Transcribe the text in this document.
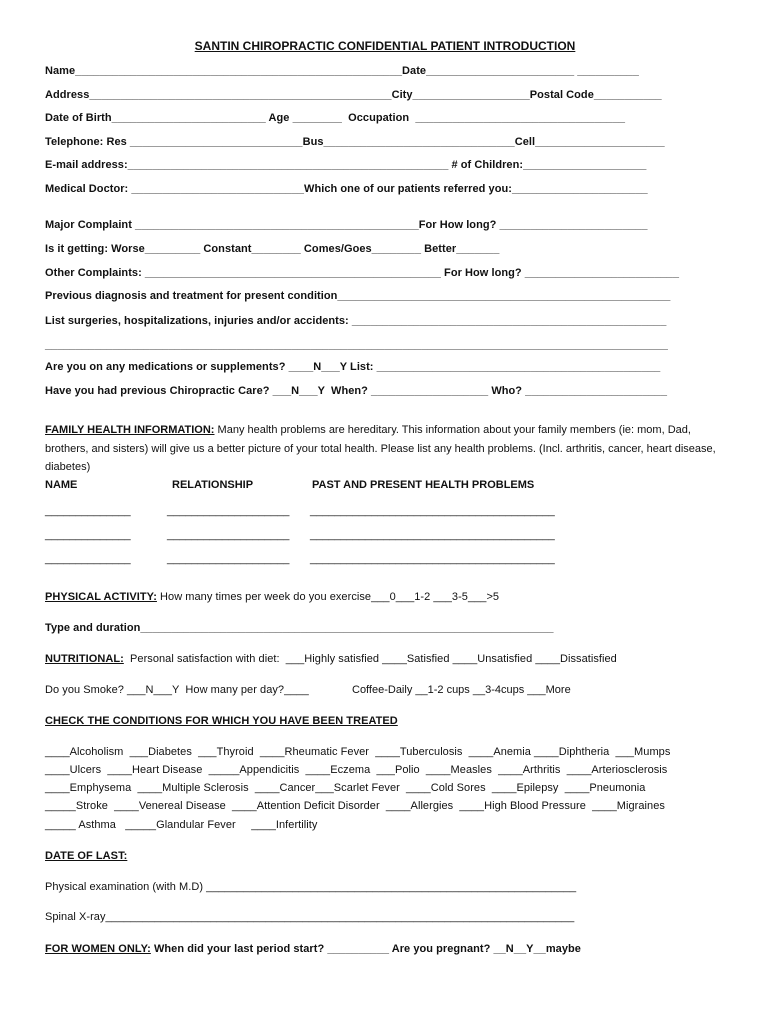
SANTIN CHIROPRACTIC CONFIDENTIAL PATIENT INTRODUCTION
Name_____________________________________________________Date________________________ __________
Address_________________________________________________City___________________Postal Code___________
Date of Birth_________________________ Age ________  Occupation  __________________________________
Telephone: Res ____________________________Bus_______________________________Cell_____________________
E-mail address:____________________________________________________ # of Children:____________________
Medical Doctor: ____________________________Which one of our patients referred you:______________________
Major Complaint ______________________________________________For How long? ________________________
Is it getting: Worse_________ Constant________ Comes/Goes________ Better_______
Other Complaints: ________________________________________________ For How long? _________________________
Previous diagnosis and treatment for present condition______________________________________________________
List surgeries, hospitalizations, injuries and/or accidents: ___________________________________________________
_____________________________________________________________________________________________________
Are you on any medications or supplements? ____N___Y List: ______________________________________________
Have you had previous Chiropractic Care? ___N___Y  When? ___________________ Who? _______________________
FAMILY HEALTH INFORMATION: Many health problems are hereditary. This information about your family members (ie: mom, Dad, brothers, and sisters) will give us a better picture of your total health. Please list any health problems. (Incl. arthritis, cancer, heart disease, diabetes)
NAME	RELATIONSHIP	PAST AND PRESENT HEALTH PROBLEMS
______________	____________________ ________________________________________
______________	____________________ ________________________________________
______________	____________________ ________________________________________
PHYSICAL ACTIVITY: How many times per week do you exercise___0___1-2 ___3-5___>5
Type and duration___________________________________________________________________
NUTRITIONAL:  Personal satisfaction with diet:  ___Highly satisfied ____Satisfied ____Unsatisfied ____Dissatisfied
Do you Smoke? ___N___Y  How many per day?____	Coffee-Daily __1-2 cups __3-4cups ___More
CHECK THE CONDITIONS FOR WHICH YOU HAVE BEEN TREATED
____Alcoholism  ___Diabetes  ___Thyroid  ____Rheumatic Fever  ____Tuberculosis  ____Anemia ____Diphtheria  ___Mumps
____Ulcers  ____Heart Disease  _____Appendicitis  ____Eczema  ___Polio  ____Measles  ____Arthritis  ____Arteriosclerosis
____Emphysema  ____Multiple Sclerosis  ____Cancer___Scarlet Fever  ____Cold Sores  ____Epilepsy  ____Pneumonia
_____Stroke  ____Venereal Disease  ____Attention Deficit Disorder  ____Allergies  ____High Blood Pressure  ____Migraines
_____ Asthma   _____Glandular Fever     ____Infertility
DATE OF LAST:
Physical examination (with M.D) ____________________________________________________________
Spinal X-ray____________________________________________________________________________
FOR WOMEN ONLY: When did your last period start? __________ Are you pregnant? __N__Y__maybe
